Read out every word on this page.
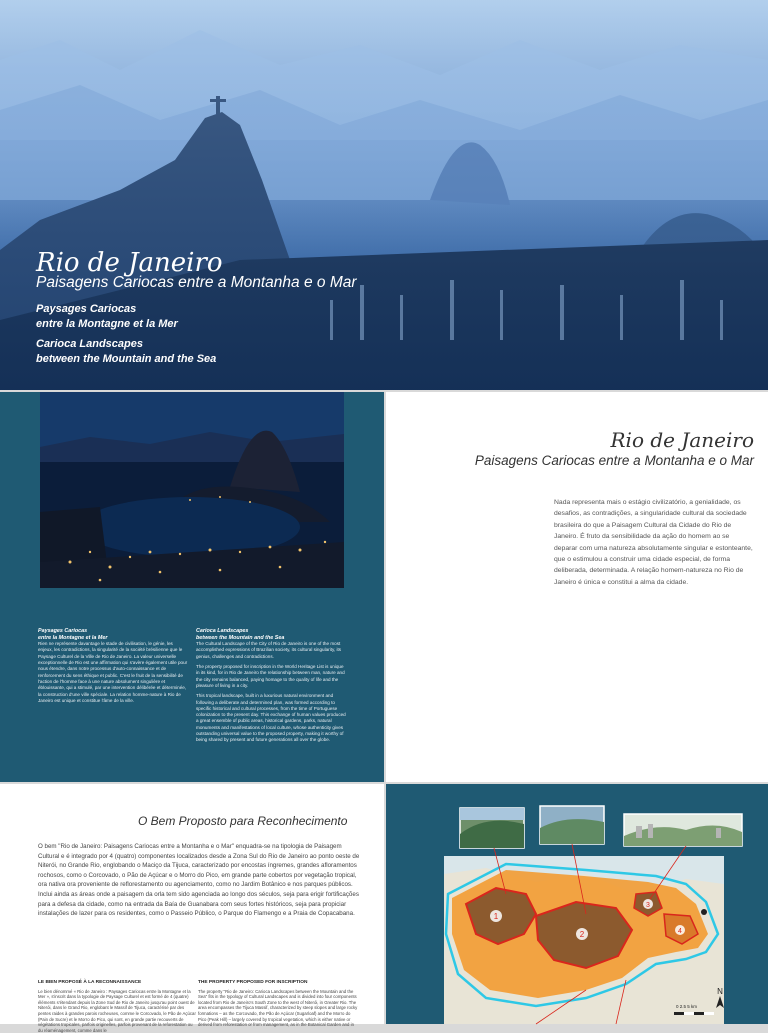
Rio de Janeiro
Paisagens Cariocas entre a Montanha e o Mar
Paysages Cariocas
entre la Montagne et la Mer
Carioca Landscapes
between the Mountain and the Sea
Paysages Cariocas
entre la Montagne et la Mer
Rien ne représente davantage le stade de civilisation, le génie, les enjeux, les contradictions, la singularité de la société brésilienne que le Paysage Culturel de la Ville de Rio de Janeiro. La valeur universelle exceptionnelle de Rio est une affirmation qui s'avère également utile pour nous étendre, dans notre processus d'auto-connaissance et de renforcement du sens éthique et public. C'est le fruit de la sensibilité de l'action de l'homme face à une nature absolument singulière et éblouissante, qui a stimulé, par une intervention délibérée et déterminée, la construction d'une ville spéciale. La relation homme-nature à Rio de Janeiro est unique et constitue l'âme de la ville.
Carioca Landscapes
between the Mountain and the Sea
The Cultural Landscape of the City of Rio de Janeiro is one of the most accomplished expressions of Brazilian society, its cultural singularity, its genius, challenges and contradictions.
The property proposed for inscription in the World Heritage List is unique in its kind, for in Rio de Janeiro the relationship between man, nature and the city remains balanced, paying homage to the quality of life and the pleasure of living in a city.
This tropical landscape, built in a luxurious natural environment and following a deliberate and determined plan, was formed according to specific historical and cultural processes, from the time of Portuguese colonization to the present day. This exchange of human values produced a great ensemble of public areas, historical gardens, parks, natural monuments and manifestations of local culture, whose authenticity gives outstanding universal value to the proposed property, making it worthy of being shared by present and future generations all over the globe.
Rio de Janeiro
Paisagens Cariocas entre a Montanha e o Mar
Nada representa mais o estágio civilizatório, a genialidade, os desafios, as contradições, a singularidade cultural da sociedade brasileira do que a Paisagem Cultural da Cidade do Rio de Janeiro. É fruto da sensibilidade da ação do homem ao se deparar com uma natureza absolutamente singular e estonteante, que o estimulou a construir uma cidade especial, de forma deliberada, determinada. A relação homem-natureza no Rio de Janeiro é única e constitui a alma da cidade.
O Bem Proposto para Reconhecimento
O bem "Rio de Janeiro: Paisagens Cariocas entre a Montanha e o Mar" enquadra-se na tipologia de Paisagem Cultural e é integrado por 4 (quatro) componentes localizados desde a Zona Sul do Rio de Janeiro ao ponto oeste de Niterói, no Grande Rio, englobando o Maciço da Tijuca, caracterizado por encostas íngremes, grandes afloramentos rochosos, como o Corcovado, o Pão de Açúcar e o Morro do Pico, em grande parte cobertos por vegetação tropical, ora nativa ora proveniente de reflorestamento ou agenciamento, como no Jardim Botânico e nos parques públicos. Inclui ainda as áreas onde a paisagem da orla tem sido agenciada ao longo dos séculos, seja para erigir fortificações para a defesa da cidade, como na entrada da Baía de Guanabara com seus fortes históricos, seja para propiciar instalações de lazer para os residentes, como o Passeio Público, o Parque do Flamengo e a Praia de Copacabana.
LE BIEN PROPOSÉ À LA RECONNAISSANCE
Le bien dénommé « Rio de Janeiro : Paysages Cariocas entre la Montagne et la Mer », s'inscrit dans la typologie de Paysage Culturel et est formé de 4 (quatre) éléments s'étendant depuis la Zone Sud de Rio de Janeiro jusqu'au point ouest de Niterói, dans le Grand Rio, englobant le Massif de Tijuca, caractérisé par des pentes raides à grandes parois rocheuses, comme le Corcovado, le Pão de Açúcar (Pain de Sucre) et le Morro do Pico, qui sont, en grande partie recouverts de végétations tropicales, parfois originelles, parfois provenant de la reforestation ou du réaménagement, comme dans le
THE PROPERTY PROPOSED FOR INSCRIPTION
The property "Rio de Janeiro: Carioca Landscapes between the Mountain and the Sea" fits in the typology of Cultural Landscapes and is divided into four components located from Rio de Janeiro's South Zone to the west of Niterói, in Greater Rio. The area encompasses the Tijuca Massif, characterized by steep slopes and large rocky formations – as the Corcovado, the Pão de Açúcar (Sugarloaf) and the Morro do Pico (Peak Hill) – largely covered by tropical vegetation, which is either native or derived from reforestation or from management, as in the Botanical Garden and in
1
2
3
4
N
0 2.5 5 km
